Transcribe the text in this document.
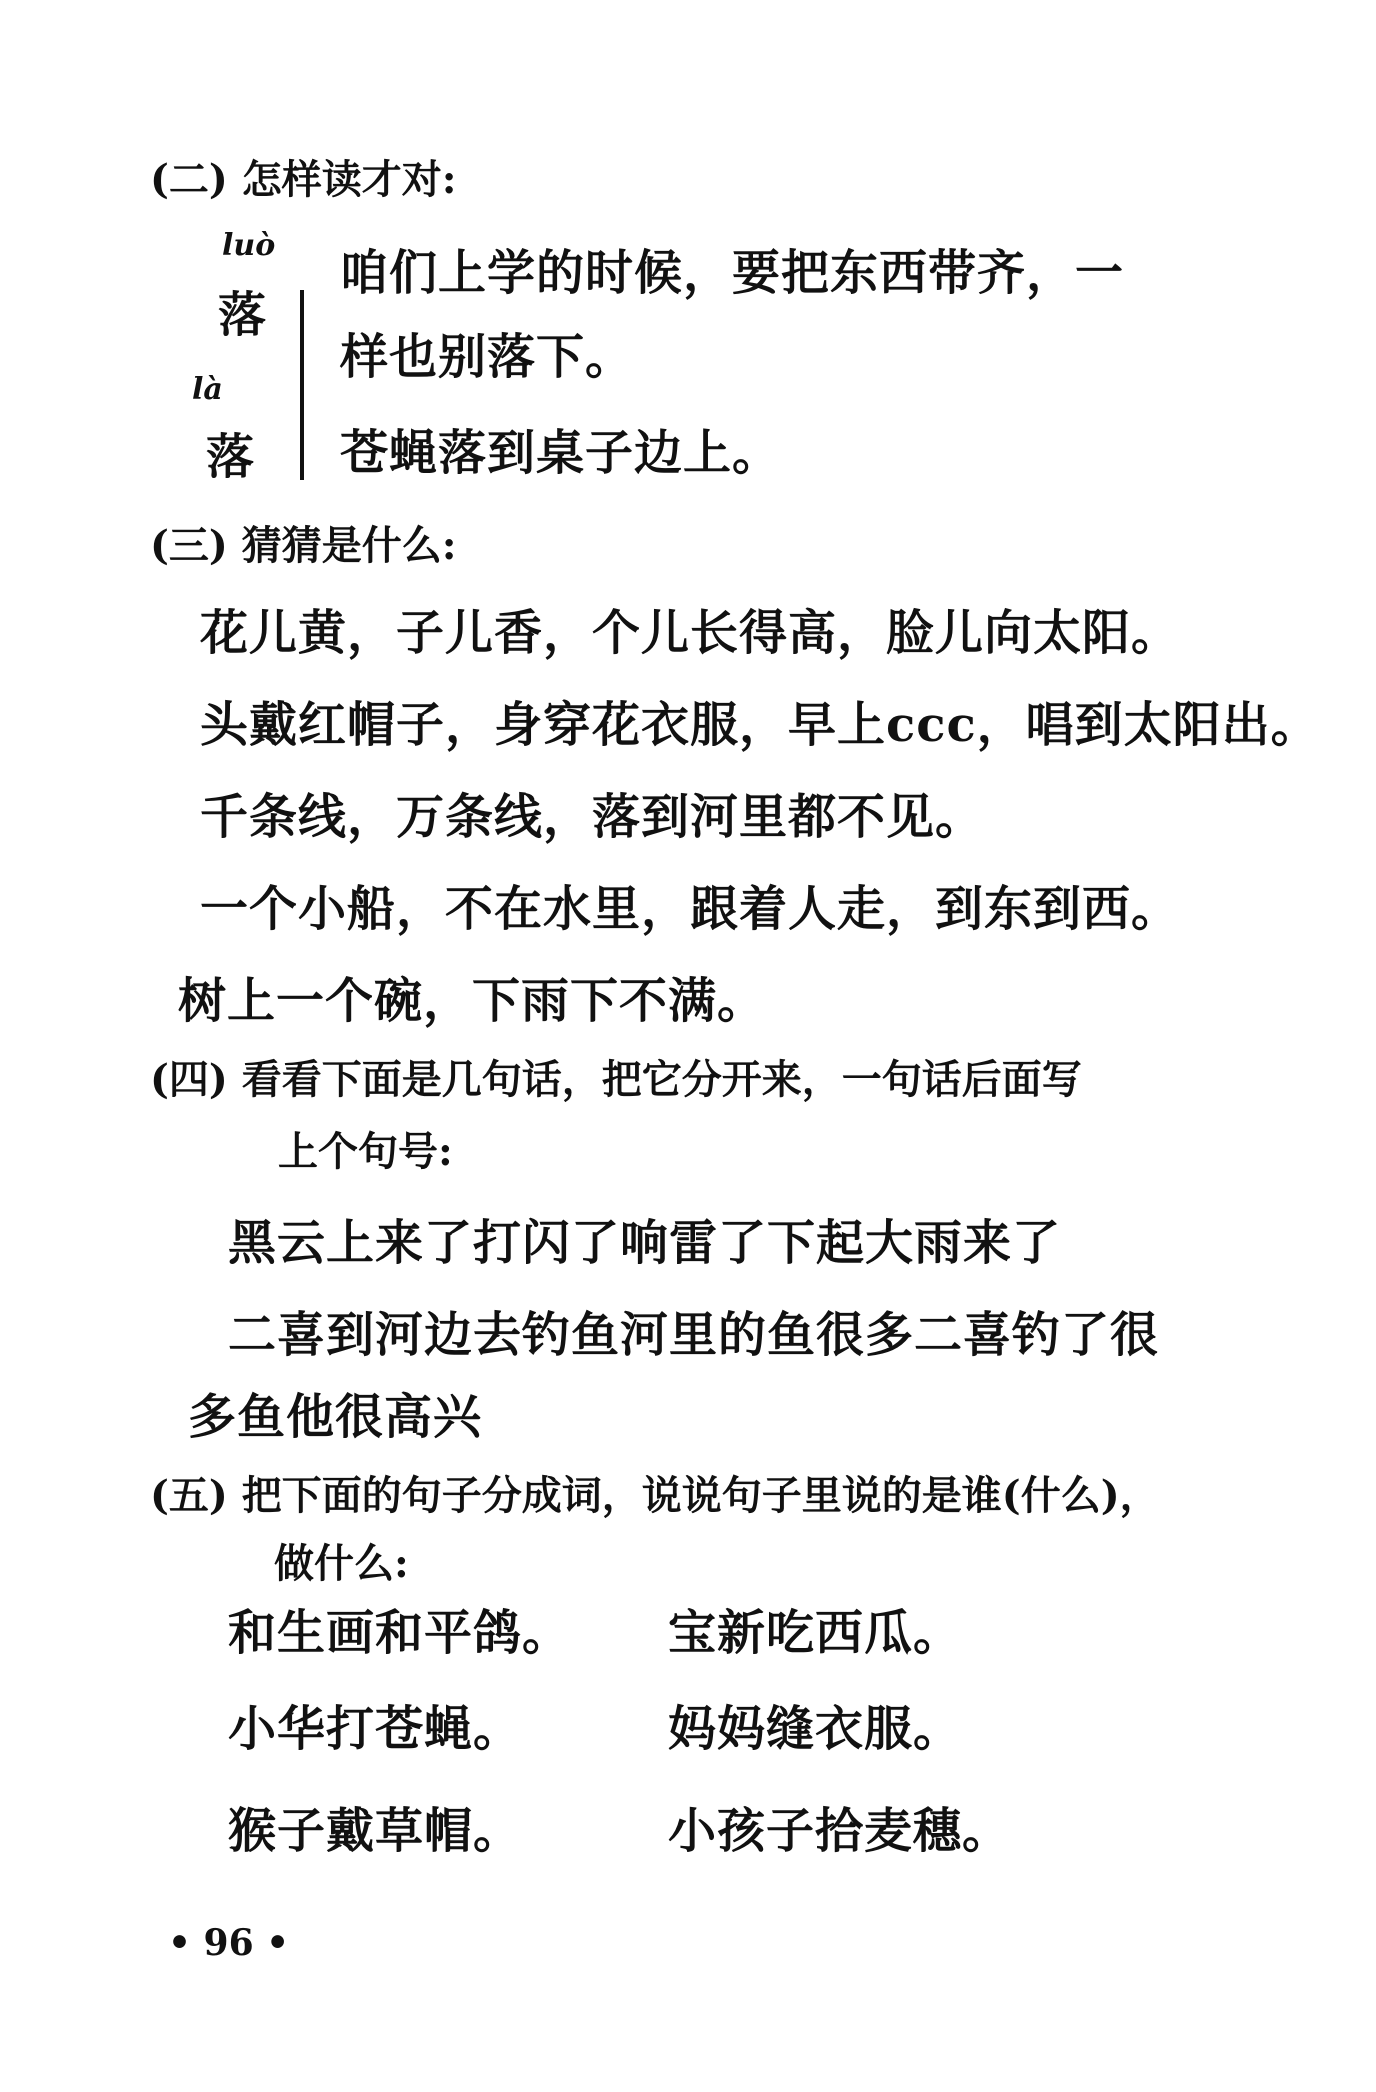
(二) 怎样读才对:
luò
落
là
落
咱们上学的时候，要把东西带齐，一
样也别落下。
苍蝇落到桌子边上。
(三) 猜猜是什么:
花儿黄，子儿香，个儿长得高，脸儿向太阳。
头戴红帽子，身穿花衣服，早上ccc，唱到太阳出。
千条线，万条线，落到河里都不见。
一个小船，不在水里，跟着人走，到东到西。
树上一个碗，下雨下不满。
(四) 看看下面是几句话，把它分开来，一句话后面写
上个句号:
黑云上来了打闪了响雷了下起大雨来了
二喜到河边去钓鱼河里的鱼很多二喜钓了很
多鱼他很高兴
(五) 把下面的句子分成词，说说句子里说的是谁(什么)，
做什么:
和生画和平鸽。 宝新吃西瓜。
小华打苍蝇。	妈妈缝衣服。
猴子戴草帽。	小孩子拾麦穗。
• 96 •
